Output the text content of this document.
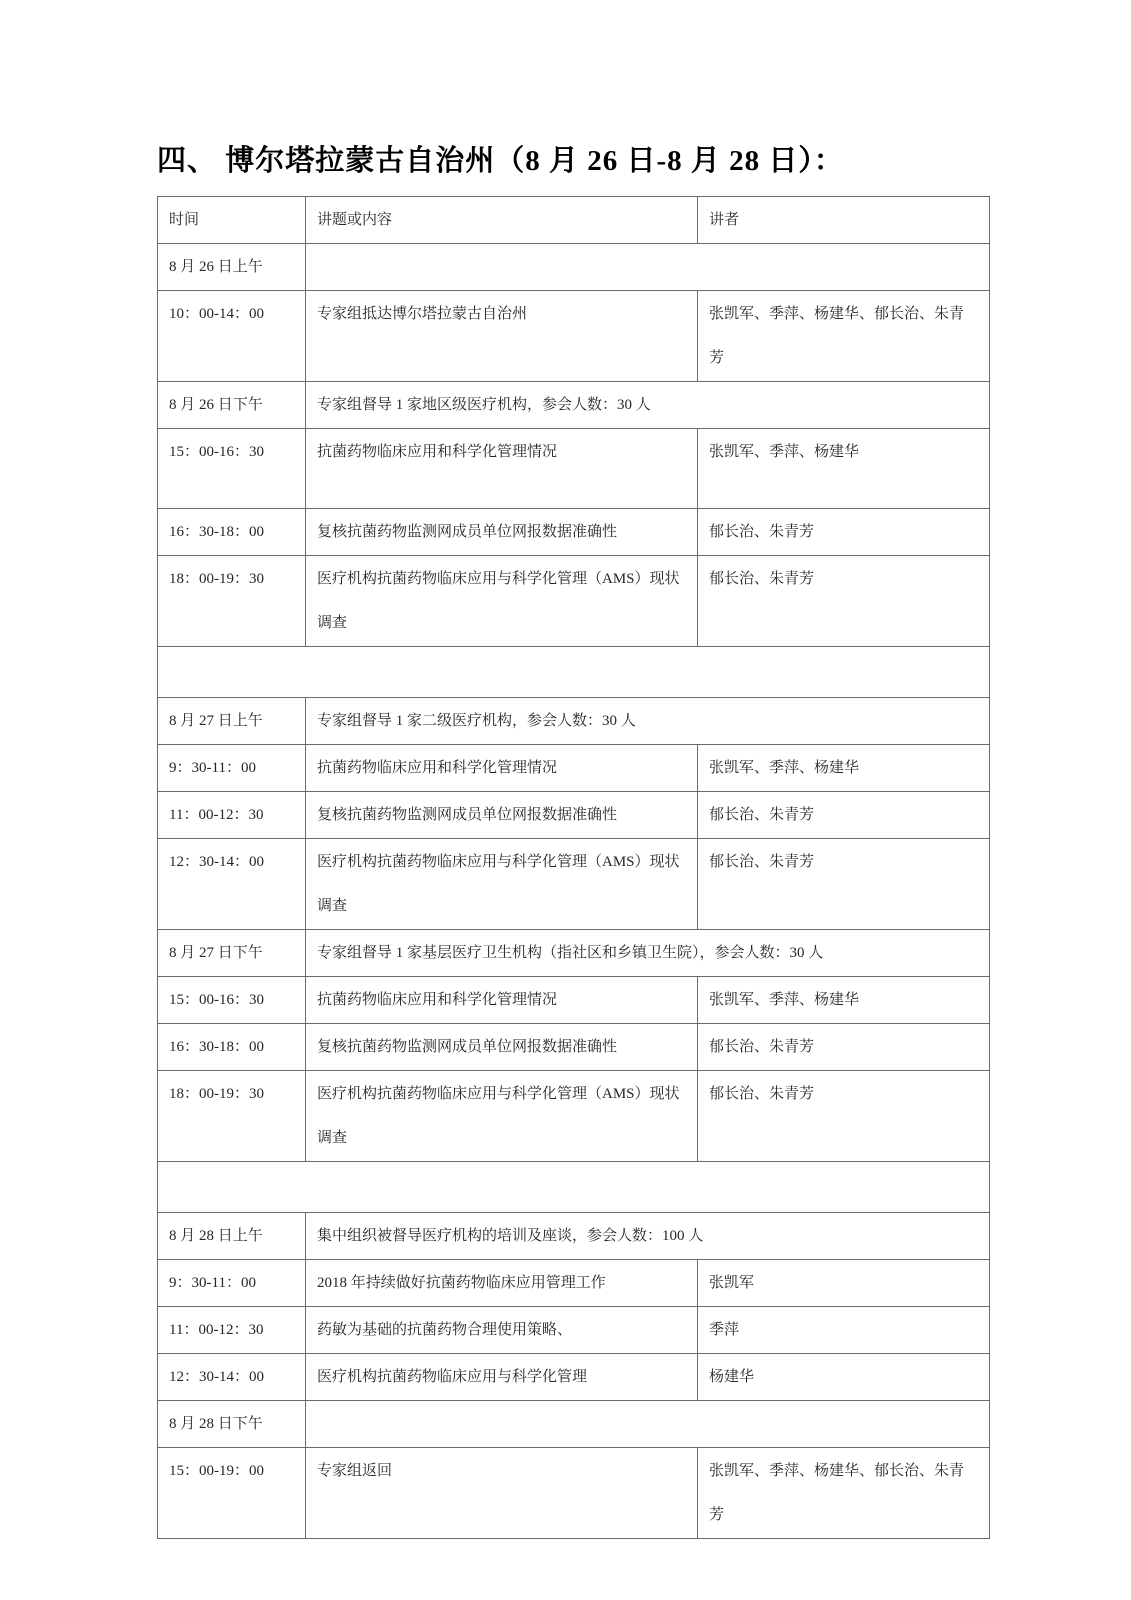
四、 博尔塔拉蒙古自治州（8 月 26 日-8 月 28 日）：
时间	讲题或内容	讲者
8 月 26 日上午		
10：00-14：00	专家组抵达博尔塔拉蒙古自治州	张凯军、季萍、杨建华、郁长治、朱青芳
8 月 26 日下午	专家组督导 1 家地区级医疗机构，参会人数：30 人	
15：00-16：30	抗菌药物临床应用和科学化管理情况	张凯军、季萍、杨建华
16：30-18：00	复核抗菌药物监测网成员单位网报数据准确性	郁长治、朱青芳
18：00-19：30	医疗机构抗菌药物临床应用与科学化管理（AMS）现状调查	郁长治、朱青芳

8 月 27 日上午	专家组督导 1 家二级医疗机构，参会人数：30 人	
9：30-11：00	抗菌药物临床应用和科学化管理情况	张凯军、季萍、杨建华
11：00-12：30	复核抗菌药物监测网成员单位网报数据准确性	郁长治、朱青芳
12：30-14：00	医疗机构抗菌药物临床应用与科学化管理（AMS）现状调查	郁长治、朱青芳
8 月 27 日下午	专家组督导 1 家基层医疗卫生机构（指社区和乡镇卫生院），参会人数：30 人	
15：00-16：30	抗菌药物临床应用和科学化管理情况	张凯军、季萍、杨建华
16：30-18：00	复核抗菌药物监测网成员单位网报数据准确性	郁长治、朱青芳
18：00-19：30	医疗机构抗菌药物临床应用与科学化管理（AMS）现状调查	郁长治、朱青芳

8 月 28 日上午	集中组织被督导医疗机构的培训及座谈，参会人数：100 人	
9：30-11：00	2018 年持续做好抗菌药物临床应用管理工作	张凯军
11：00-12：30	药敏为基础的抗菌药物合理使用策略、	季萍
12：30-14：00	医疗机构抗菌药物临床应用与科学化管理	杨建华
8 月 28 日下午		
15：00-19：00	专家组返回	张凯军、季萍、杨建华、郁长治、朱青芳
